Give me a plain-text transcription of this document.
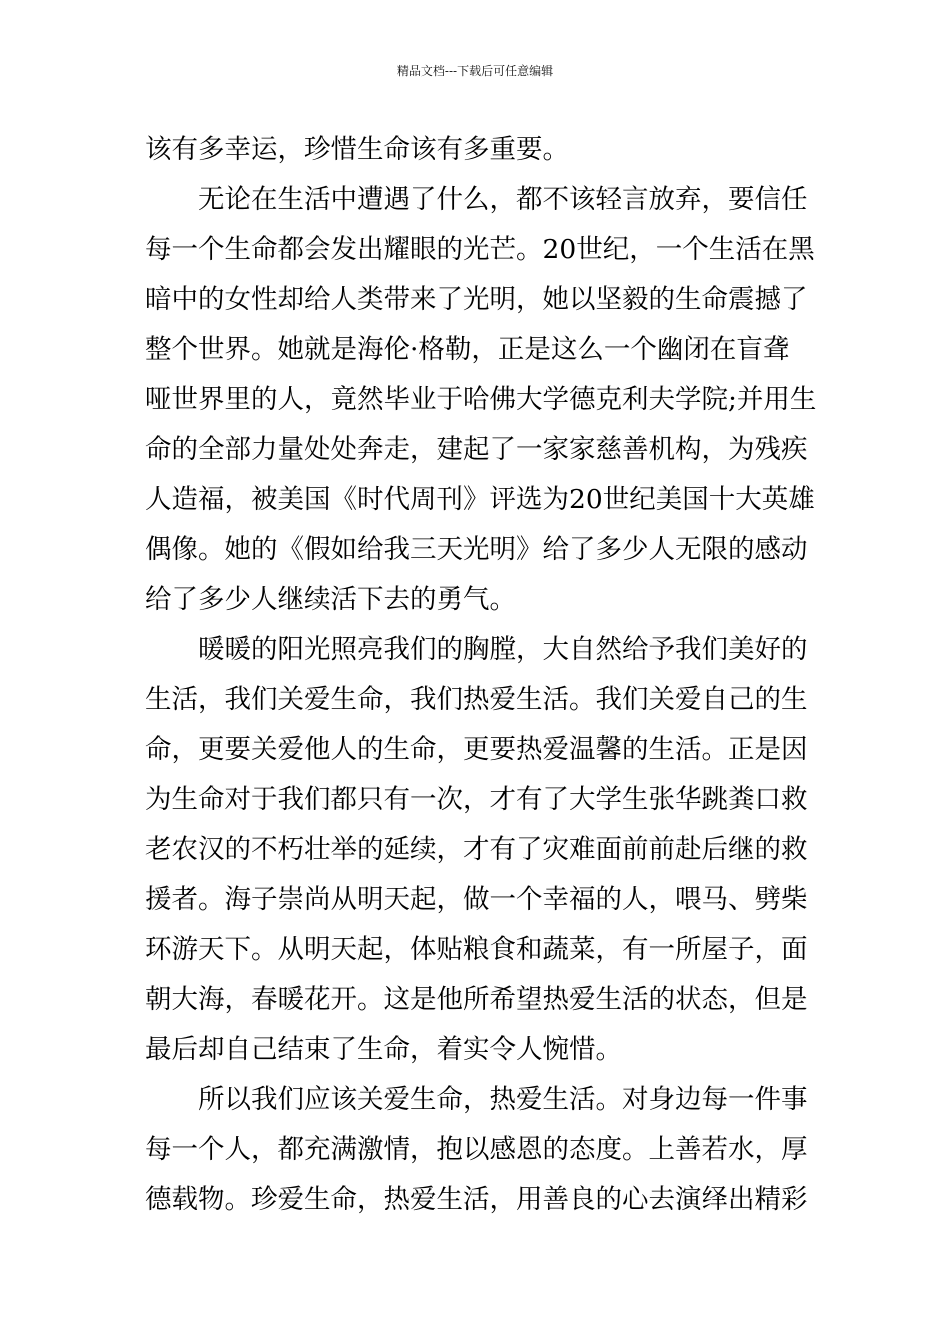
精品文档---下载后可任意编辑
该有多幸运，珍惜生命该有多重要。
　　无论在生活中遭遇了什么，都不该轻言放弃，要信任
每一个生命都会发出耀眼的光芒。20世纪，一个生活在黑
暗中的女性却给人类带来了光明，她以坚毅的生命震撼了
整个世界。她就是海伦·格勒，正是这么一个幽闭在盲聋
哑世界里的人，竟然毕业于哈佛大学德克利夫学院;并用生
命的全部力量处处奔走，建起了一家家慈善机构，为残疾
人造福，被美国《时代周刊》评选为20世纪美国十大英雄
偶像。她的《假如给我三天光明》给了多少人无限的感动
给了多少人继续活下去的勇气。
　　暖暖的阳光照亮我们的胸膛，大自然给予我们美好的
生活，我们关爱生命，我们热爱生活。我们关爱自己的生
命，更要关爱他人的生命，更要热爱温馨的生活。正是因
为生命对于我们都只有一次，才有了大学生张华跳粪口救
老农汉的不朽壮举的延续，才有了灾难面前前赴后继的救
援者。海子崇尚从明天起，做一个幸福的人，喂马、劈柴
环游天下。从明天起，体贴粮食和蔬菜，有一所屋子，面
朝大海，春暖花开。这是他所希望热爱生活的状态，但是
最后却自己结束了生命，着实令人惋惜。
　　所以我们应该关爱生命，热爱生活。对身边每一件事
每一个人，都充满激情，抱以感恩的态度。上善若水，厚
德载物。珍爱生命，热爱生活，用善良的心去演绎出精彩
